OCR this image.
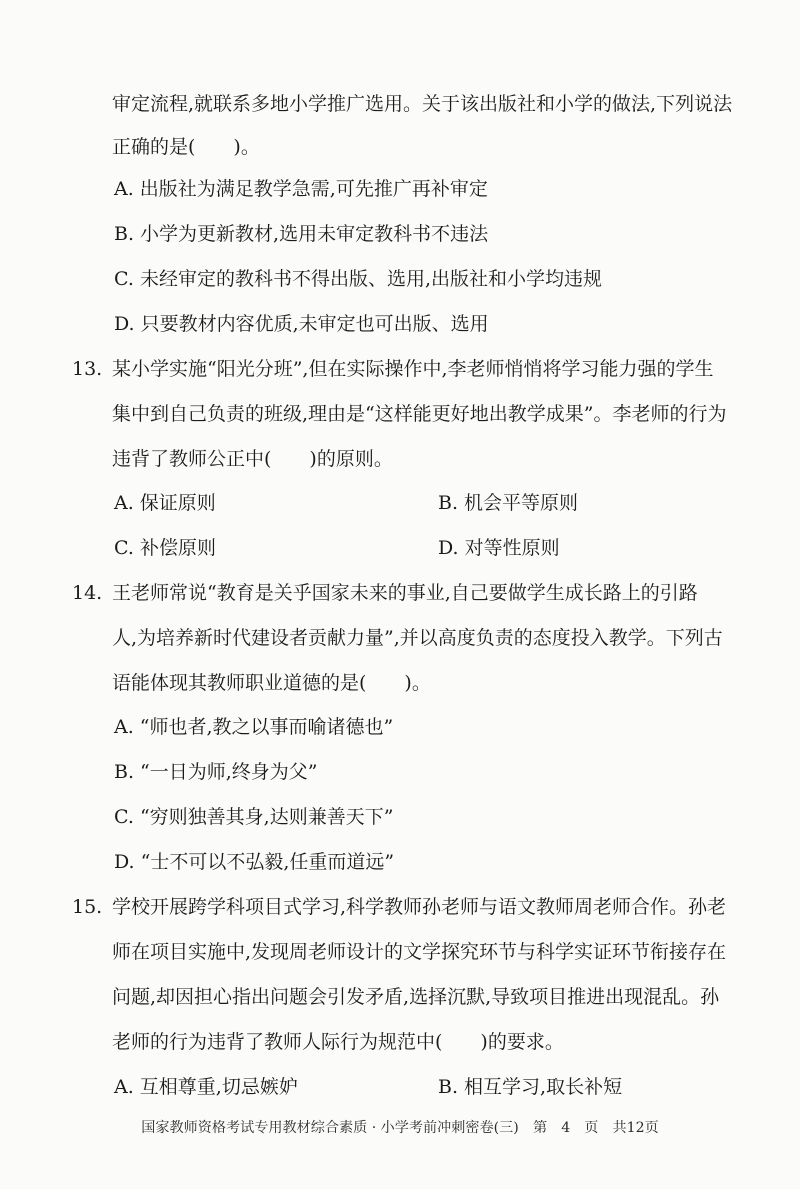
审定流程,就联系多地小学推广选用。关于该出版社和小学的做法,下列说法
正确的是(　　)。
A. 出版社为满足教学急需,可先推广再补审定
B. 小学为更新教材,选用未审定教科书不违法
C. 未经审定的教科书不得出版、选用,出版社和小学均违规
D. 只要教材内容优质,未审定也可出版、选用
13. 某小学实施“阳光分班”,但在实际操作中,李老师悄悄将学习能力强的学生
集中到自己负责的班级,理由是“这样能更好地出教学成果”。李老师的行为
违背了教师公正中(　　)的原则。
A. 保证原则	B. 机会平等原则
C. 补偿原则	D. 对等性原则
14. 王老师常说“教育是关乎国家未来的事业,自己要做学生成长路上的引路
人,为培养新时代建设者贡献力量”,并以高度负责的态度投入教学。下列古
语能体现其教师职业道德的是(　　)。
A. “师也者,教之以事而喻诸德也”
B. “一日为师,终身为父”
C. “穷则独善其身,达则兼善天下”
D. “士不可以不弘毅,任重而道远”
15. 学校开展跨学科项目式学习,科学教师孙老师与语文教师周老师合作。孙老
师在项目实施中,发现周老师设计的文学探究环节与科学实证环节衔接存在
问题,却因担心指出问题会引发矛盾,选择沉默,导致项目推进出现混乱。孙
老师的行为违背了教师人际行为规范中(　　)的要求。
A. 互相尊重,切忌嫉妒	B. 相互学习,取长补短
国家教师资格考试专用教材综合素质 · 小学考前冲刺密卷(三)　第　4　页　共12页
